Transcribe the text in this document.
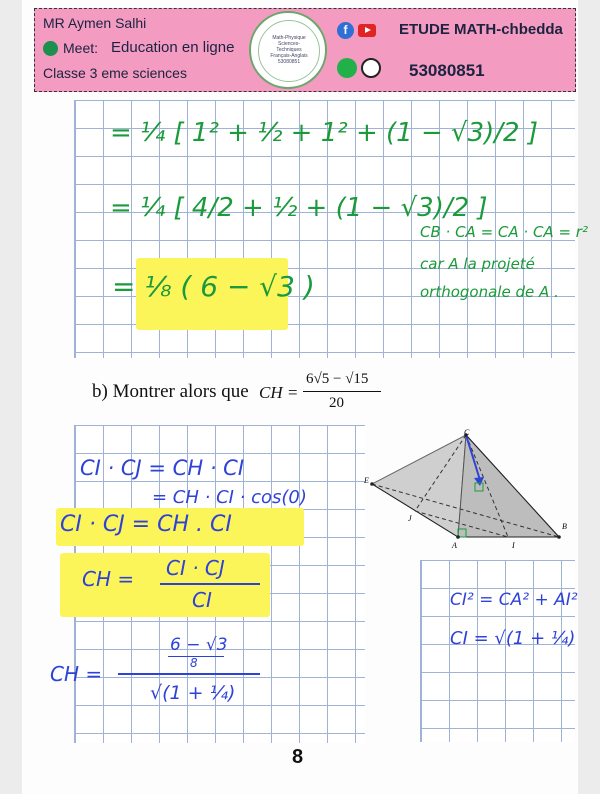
MR Aymen Salhi
Meet: Education en ligne
Classe 3 eme sciences
Math-Physique Sciences-Techniques Français-Anglais 53080851
f	ETUDE MATH-chbedda
53080851
= ¼ [ 1² + ½ + 1² + (1 − √3)/2 ]
= ¼ [ 4/2 + ½ + (1 − √3)/2 ]
= ⅛ ( 6 − √3 )
CB · CA = CA · CA = r²
car A la projeté
orthogonale de A .
b) Montrer alors que CH =
6√5 − √15
20
C
E
J
A	I
B
CI · CJ = CH · CI
= CH · CI · cos(0)
CI · CJ = CH . CI
CH = CI · CJ
CI	CI² = CA² + AI²
CI = √(1 + ¼)
CH =
6 − √3
8
√(1 + ¼)
8
